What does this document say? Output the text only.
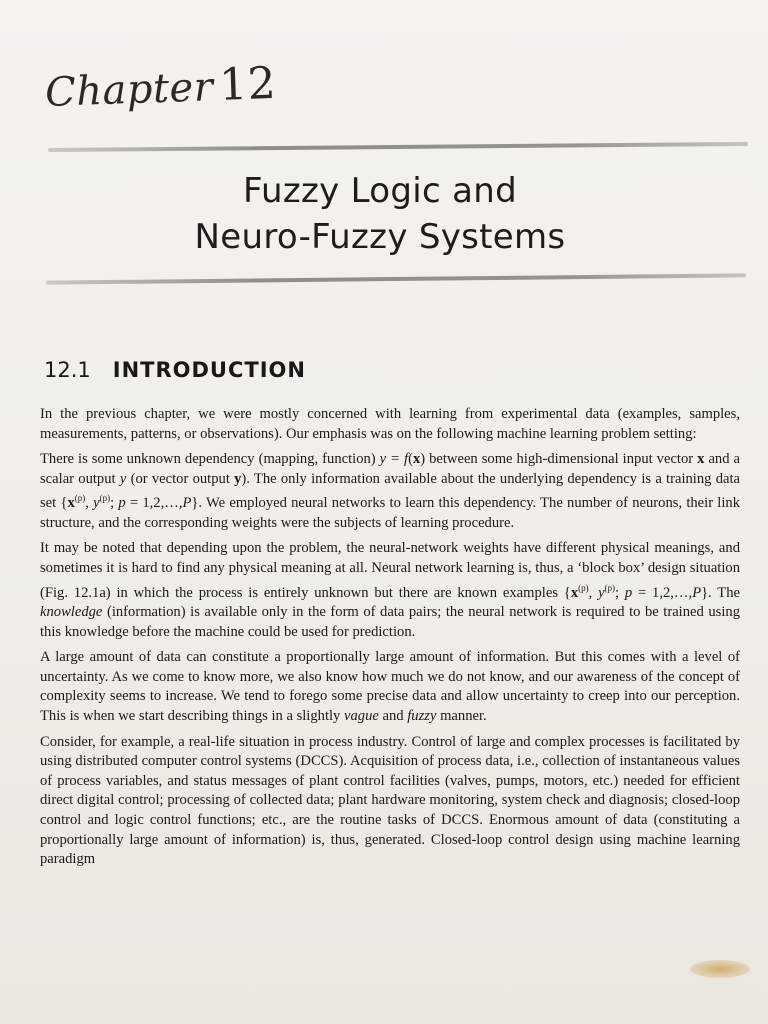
Chapter12
Fuzzy Logic and
Neuro-Fuzzy Systems
12.1 INTRODUCTION

In the previous chapter, we were mostly concerned with learning from experimental data (examples, samples, measurements, patterns, or observations). Our emphasis was on the following machine learning problem setting:

There is some unknown dependency (mapping, function) y = f(x) between some high-dimensional input vector x and a scalar output y (or vector output y). The only information available about the underlying dependency is a training data set {$x^{(p)}$, $y^{(p)}$; p = 1,2,…,P}. We employed neural networks to learn this dependency. The number of neurons, their link structure, and the corresponding weights were the subjects of learning procedure.

It may be noted that depending upon the problem, the neural-network weights have different physical meanings, and sometimes it is hard to find any physical meaning at all. Neural network learning is, thus, a ‘block box’ design situation (Fig. 12.1a) in which the process is entirely unknown but there are known examples {$x^{(p)}$, $y^{(p)}$; p = 1,2,…,P}. The knowledge (information) is available only in the form of data pairs; the neural network is required to be trained using this knowledge before the machine could be used for prediction.

A large amount of data can constitute a proportionally large amount of information. But this comes with a level of uncertainty. As we come to know more, we also know how much we do not know, and our awareness of the concept of complexity seems to increase. We tend to forego some precise data and allow uncertainty to creep into our perception. This is when we start describing things in a slightly vague and fuzzy manner.

Consider, for example, a real-life situation in process industry. Control of large and complex processes is facilitated by using distributed computer control systems (DCCS). Acquisition of process data, i.e., collection of instantaneous values of process variables, and status messages of plant control facilities (valves, pumps, motors, etc.) needed for efficient direct digital control; processing of collected data; plant hardware monitoring, system check and diagnosis; closed-loop control and logic control functions; etc., are the routine tasks of DCCS. Enormous amount of data (constituting a proportionally large amount of information) is, thus, generated. Closed-loop control design using machine learning paradigm
